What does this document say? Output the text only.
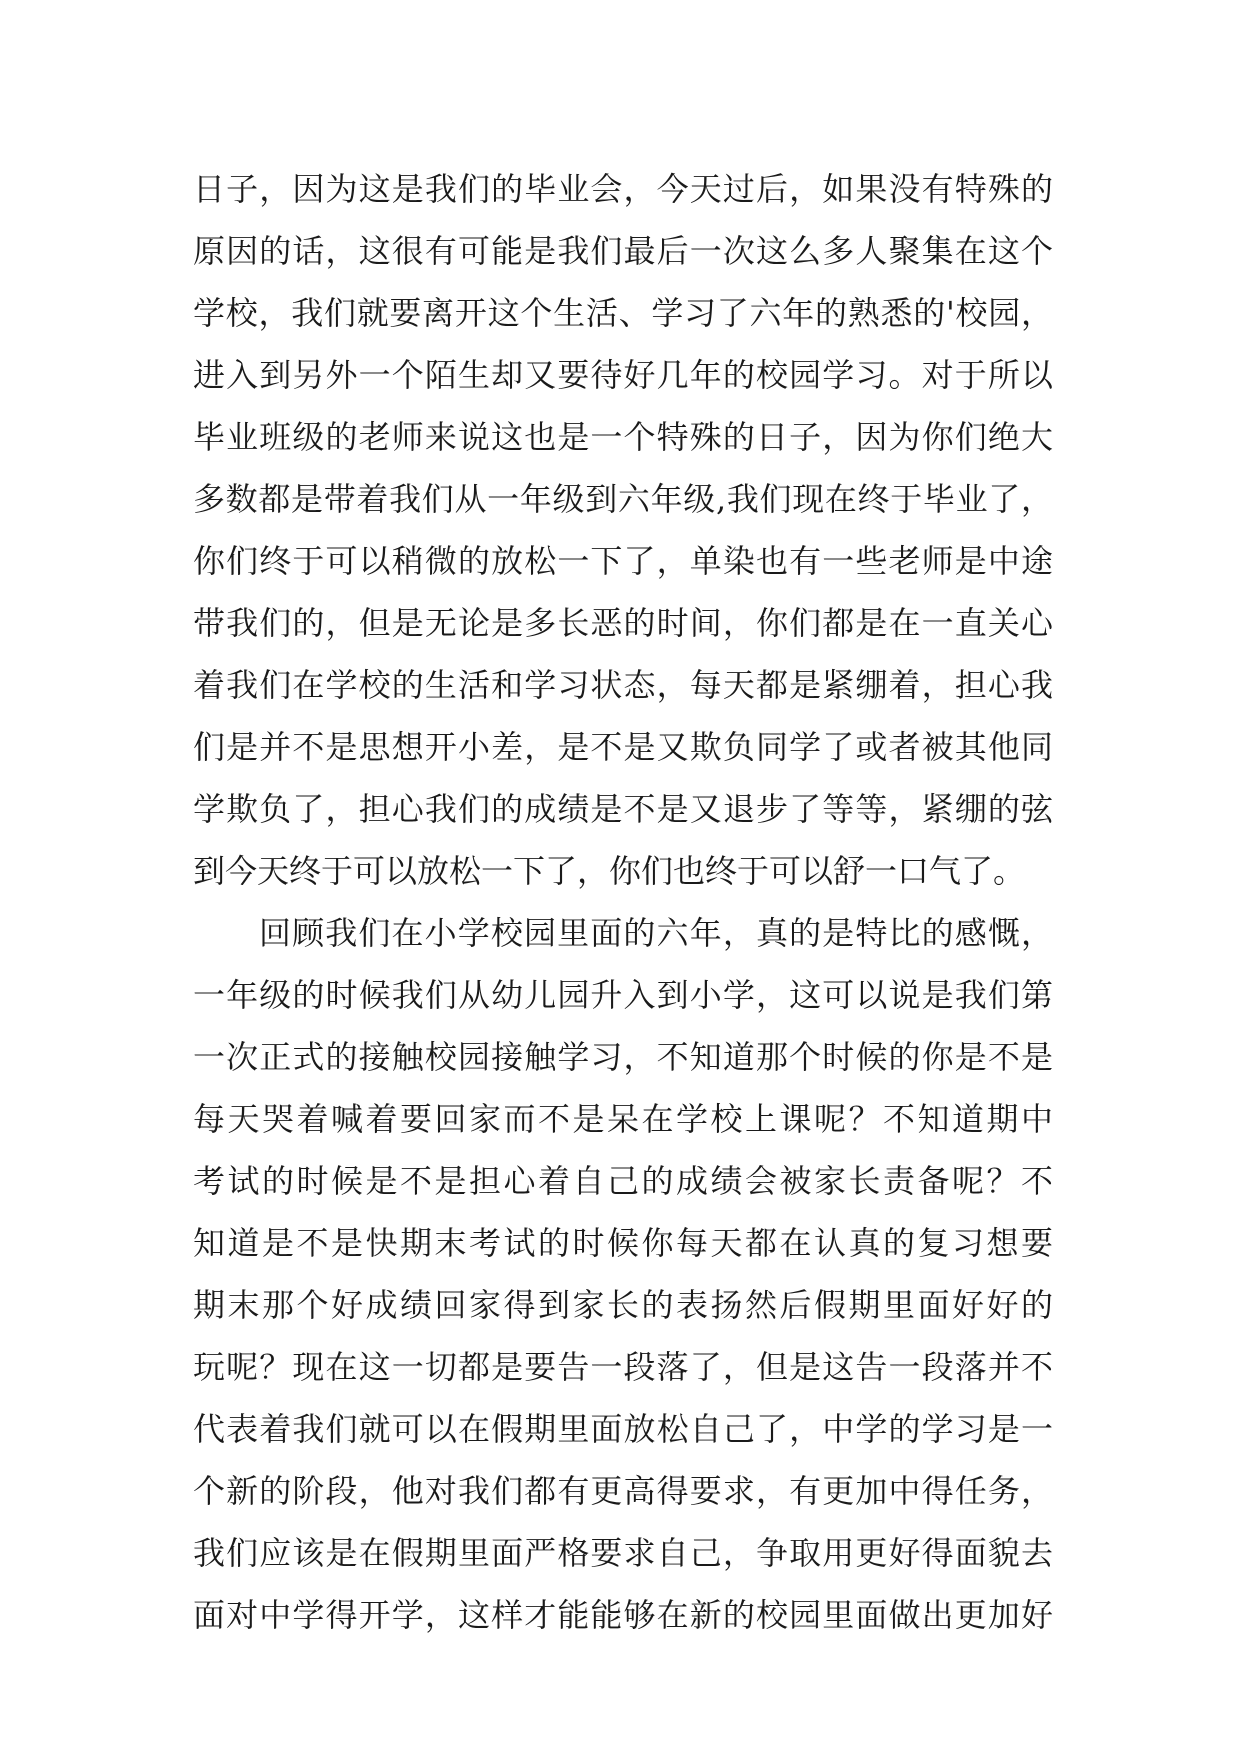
日子，因为这是我们的毕业会，今天过后，如果没有特殊的
原因的话，这很有可能是我们最后一次这么多人聚集在这个
学校，我们就要离开这个生活、学习了六年的熟悉的'校园，
进入到另外一个陌生却又要待好几年的校园学习。对于所以
毕业班级的老师来说这也是一个特殊的日子，因为你们绝大
多数都是带着我们从一年级到六年级,我们现在终于毕业了，
你们终于可以稍微的放松一下了，单染也有一些老师是中途
带我们的，但是无论是多长恶的时间，你们都是在一直关心
着我们在学校的生活和学习状态，每天都是紧绷着，担心我
们是并不是思想开小差，是不是又欺负同学了或者被其他同
学欺负了，担心我们的成绩是不是又退步了等等，紧绷的弦
到今天终于可以放松一下了，你们也终于可以舒一口气了。
回顾我们在小学校园里面的六年，真的是特比的感慨，
一年级的时候我们从幼儿园升入到小学，这可以说是我们第
一次正式的接触校园接触学习，不知道那个时候的你是不是
每天哭着喊着要回家而不是呆在学校上课呢？不知道期中
考试的时候是不是担心着自己的成绩会被家长责备呢？不
知道是不是快期末考试的时候你每天都在认真的复习想要
期末那个好成绩回家得到家长的表扬然后假期里面好好的
玩呢？现在这一切都是要告一段落了，但是这告一段落并不
代表着我们就可以在假期里面放松自己了，中学的学习是一
个新的阶段，他对我们都有更高得要求，有更加中得任务，
我们应该是在假期里面严格要求自己，争取用更好得面貌去
面对中学得开学，这样才能能够在新的校园里面做出更加好
